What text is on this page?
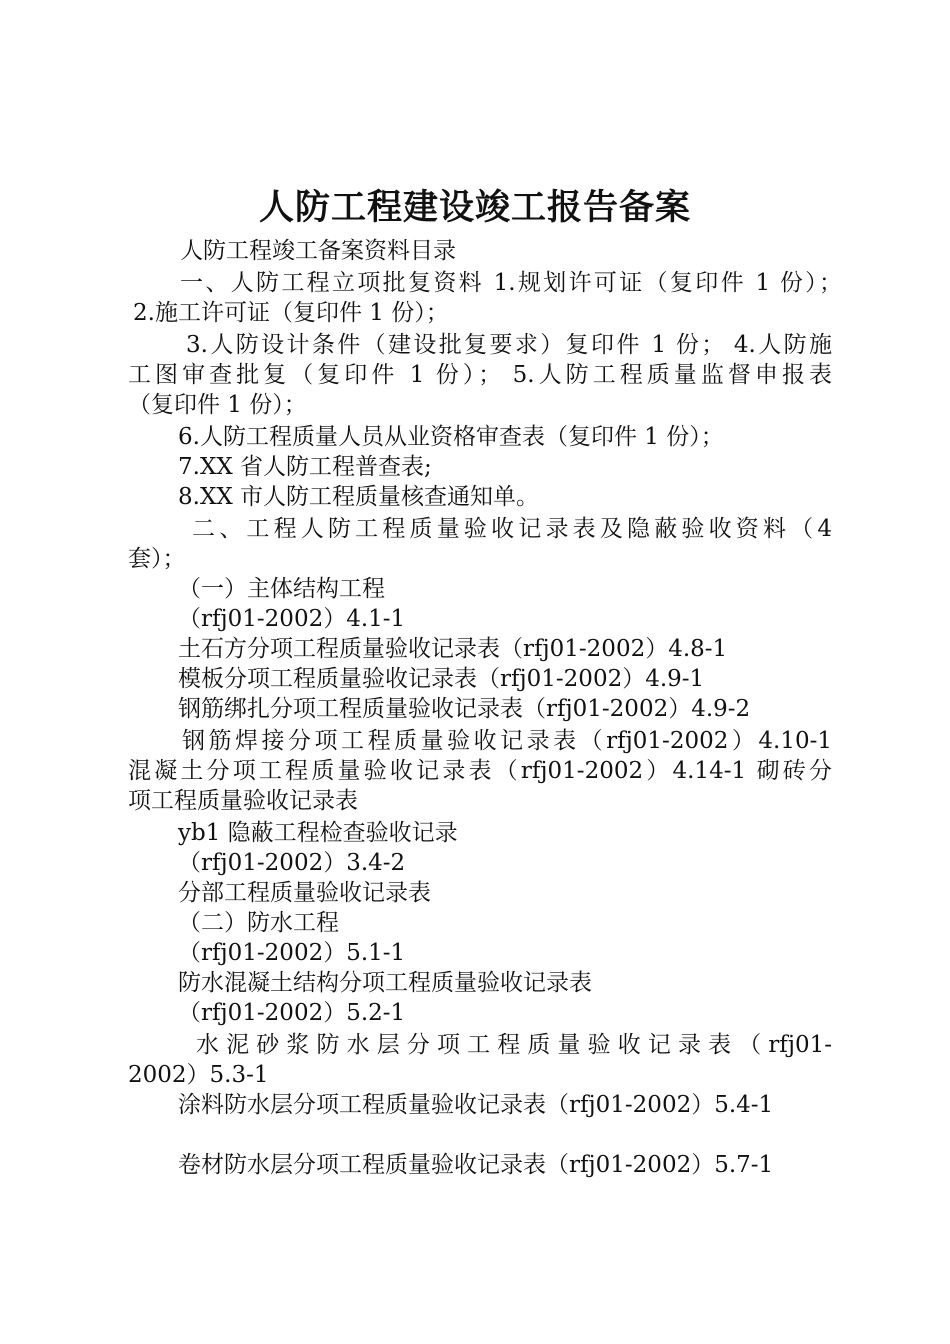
人防工程建设竣工报告备案
人防工程竣工备案资料目录
一、人防工程立项批复资料 1.规划许可证（复印件 1 份）；
2.施工许可证（复印件 1 份）；
3.人防设计条件（建设批复要求）复印件 1 份； 4.人防施
工图审查批复（复印件 1 份）； 5.人防工程质量监督申报表
（复印件 1 份）；
6.人防工程质量人员从业资格审查表（复印件 1 份）；
7.XX 省人防工程普查表;
8.XX 市人防工程质量核查通知单。
二、工程人防工程质量验收记录表及隐蔽验收资料（4
套）；
（一）主体结构工程
（rfj01-2002）4.1-1
土石方分项工程质量验收记录表（rfj01-2002）4.8-1
模板分项工程质量验收记录表（rfj01-2002）4.9-1
钢筋绑扎分项工程质量验收记录表（rfj01-2002）4.9-2
钢筋焊接分项工程质量验收记录表（rfj01-2002）4.10-1
混凝土分项工程质量验收记录表（rfj01-2002）4.14-1 砌砖分
项工程质量验收记录表
yb1 隐蔽工程检查验收记录
（rfj01-2002）3.4-2
分部工程质量验收记录表
（二）防水工程
（rfj01-2002）5.1-1
防水混凝土结构分项工程质量验收记录表
（rfj01-2002）5.2-1
水泥砂浆防水层分项工程质量验收记录表（rfj01-
2002）5.3-1
涂料防水层分项工程质量验收记录表（rfj01-2002）5.4-1
卷材防水层分项工程质量验收记录表（rfj01-2002）5.7-1
